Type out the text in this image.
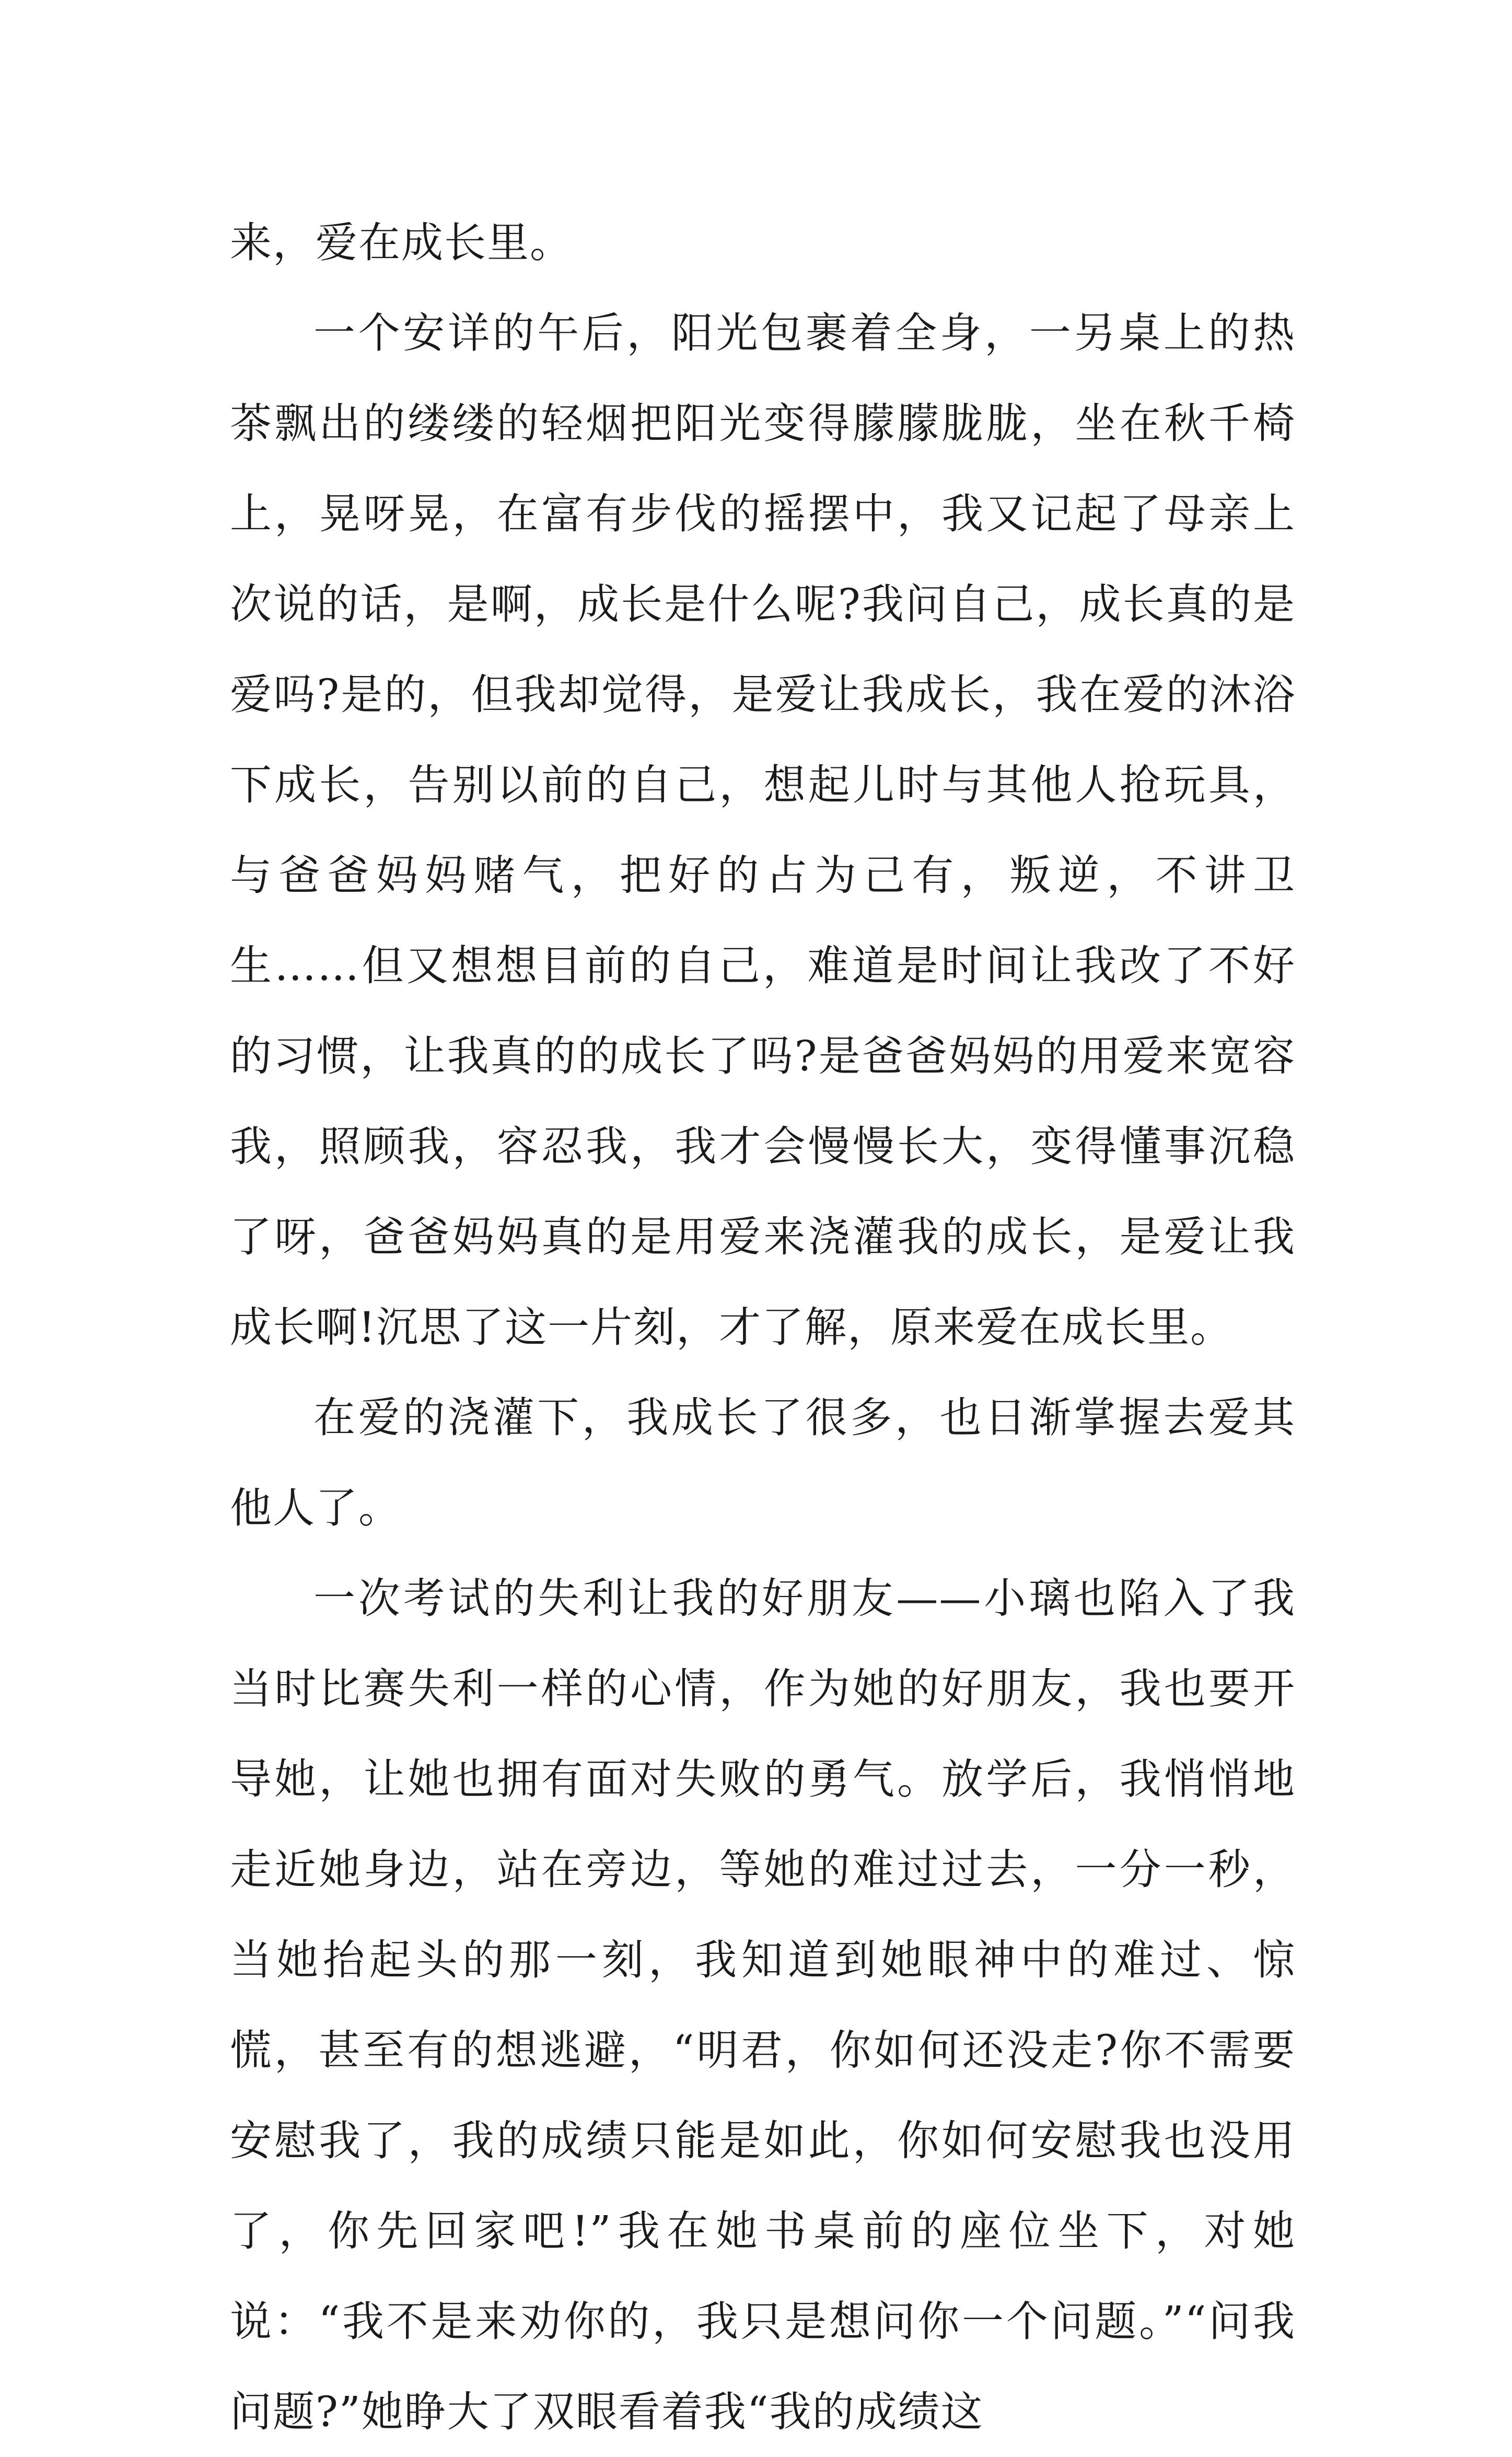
来，爱在成长里。

一个安详的午后，阳光包裹着全身，一另桌上的热茶飘出的缕缕的轻烟把阳光变得朦朦胧胧，坐在秋千椅上，晃呀晃，在富有步伐的摇摆中，我又记起了母亲上次说的话，是啊，成长是什么呢?我问自己，成长真的是爱吗?是的，但我却觉得，是爱让我成长，我在爱的沐浴下成长，告别以前的自己，想起儿时与其他人抢玩具，与爸爸妈妈赌气，把好的占为己有，叛逆，不讲卫生……但又想想目前的自己，难道是时间让我改了不好的习惯，让我真的的成长了吗?是爸爸妈妈的用爱来宽容我，照顾我，容忍我，我才会慢慢长大，变得懂事沉稳了呀，爸爸妈妈真的是用爱来浇灌我的成长，是爱让我成长啊!沉思了这一片刻，才了解，原来爱在成长里。

在爱的浇灌下，我成长了很多，也日渐掌握去爱其他人了。

一次考试的失利让我的好朋友——小璃也陷入了我当时比赛失利一样的心情，作为她的好朋友，我也要开导她，让她也拥有面对失败的勇气。放学后，我悄悄地走近她身边，站在旁边，等她的难过过去，一分一秒，当她抬起头的那一刻，我知道到她眼神中的难过、惊慌，甚至有的想逃避，“明君，你如何还没走?你不需要安慰我了，我的成绩只能是如此，你如何安慰我也没用了，你先回家吧!”我在她书桌前的座位坐下，对她说：“我不是来劝你的，我只是想问你一个问题。”“问我问题?”她睁大了双眼看着我“我的成绩这
